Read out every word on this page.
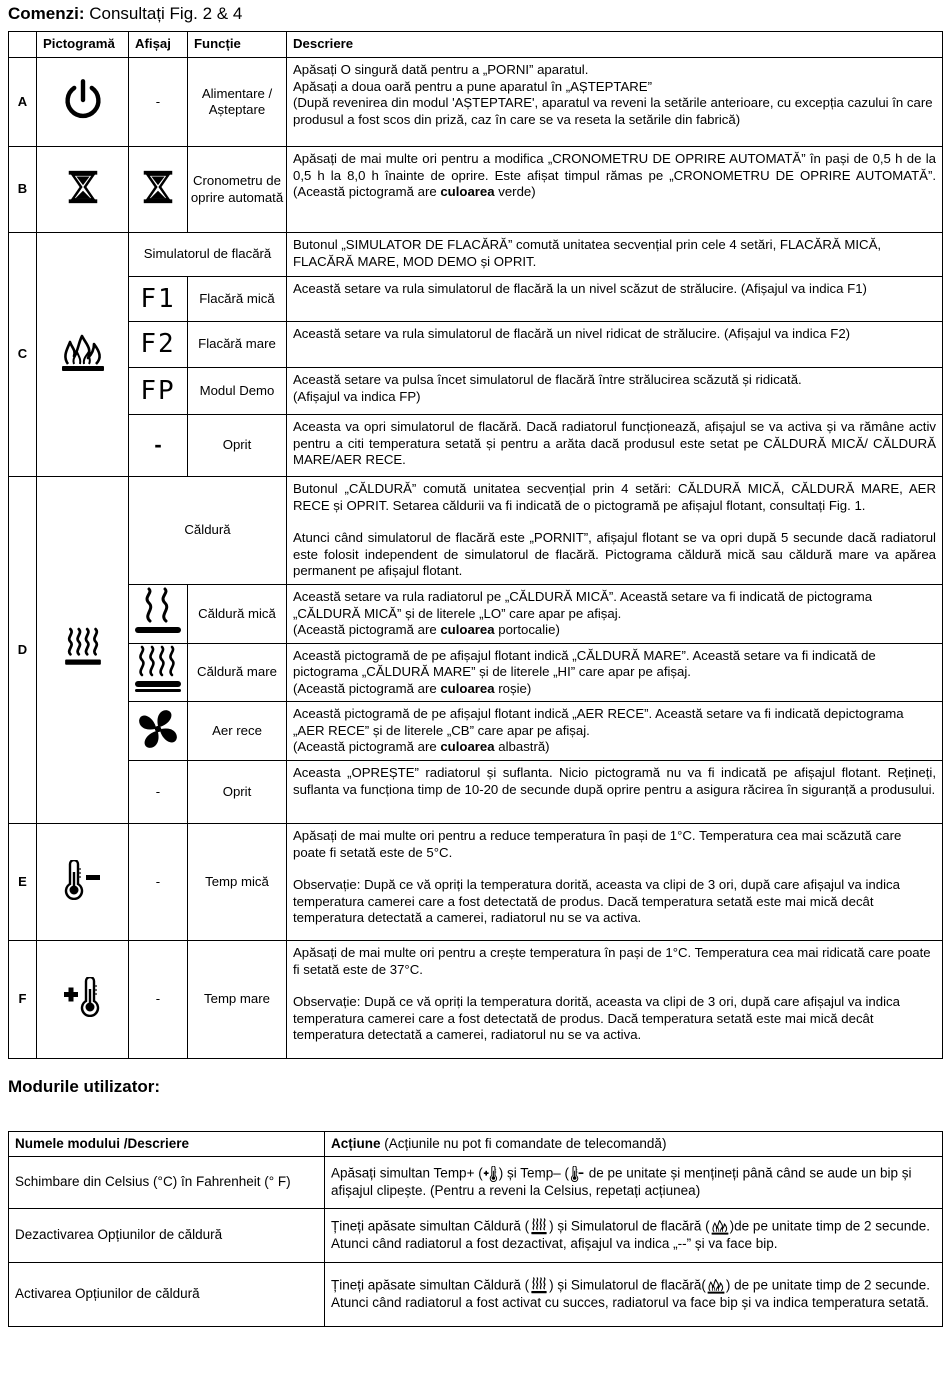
Comenzi: Consultați Fig. 2 & 4
	Pictogramă	Afișaj	Funcție	Descriere
A		-	Alimentare / Așteptare	Apăsați O singură dată pentru a „PORNI” aparatul.

Apăsați a doua oară pentru a pune aparatul în „AȘTEPTARE”

(După revenirea din modul 'AȘTEPTARE', aparatul va reveni la setările anterioare, cu excepția cazului în care produsul a fost scos din priză, caz în care se va reseta la setările din fabrică)

B			Cronometru de oprire automată	Apăsați de mai multe ori pentru a modifica „CRONOMETRU DE OPRIRE AUTOMATĂ” în pași de 0,5 h de la 0,5 h la 8,0 h înainte de oprire. Este afișat timpul rămas pe „CRONOMETRU DE OPRIRE AUTOMATĂ”. (Această pictogramă are culoarea verde)
C		Simulatorul de flacără		Butonul „SIMULATOR DE FLACĂRĂ” comută unitatea secvențial prin cele 4 setări, FLACĂRĂ MICĂ, FLACĂRĂ MARE, MOD DEMO și OPRIT.
		F1	Flacără mică	Această setare va rula simulatorul de flacără la un nivel scăzut de strălucire. (Afișajul va indica F1)
		F2	Flacără mare	Această setare va rula simulatorul de flacără un nivel ridicat de strălucire. (Afișajul va indica F2)
		FP	Modul Demo	Această setare va pulsa încet simulatorul de flacără între strălucirea scăzută și ridicată.

(Afișajul va indica FP)

		-	Oprit	Aceasta va opri simulatorul de flacără. Dacă radiatorul funcționează, afișajul se va activa și va rămâne activ pentru a citi temperatura setată și pentru a arăta dacă produsul este setat pe CĂLDURĂ MICĂ/ CĂLDURĂ MARE/AER RECE.
D		Căldură		Butonul „CĂLDURĂ” comută unitatea secvențial prin 4 setări: CĂLDURĂ MICĂ, CĂLDURĂ MARE, AER RECE și OPRIT. Setarea căldurii va fi indicată de o pictogramă pe afișajul flotant, consultați Fig. 1.

Atunci când simulatorul de flacără este „PORNIT”, afișajul flotant se va opri după 5 secunde dacă radiatorul este folosit independent de simulatorul de flacără. Pictograma căldură mică sau căldură mare va apărea permanent pe afișajul flotant.

	Căldură mică	Această setare va rula radiatorul pe „CĂLDURĂ MICĂ”. Această setare va fi indicată de pictograma „CĂLDURĂ MICĂ” și de literele „LO” care apar pe afișaj.

(Această pictogramă are culoarea portocalie)

	Căldură mare	Această pictogramă de pe afișajul flotant indică „CĂLDURĂ MARE”. Această setare va fi indicată de pictograma „CĂLDURĂ MARE” și de literele „HI” care apar pe afișaj.

(Această pictogramă are culoarea roșie)

	Aer rece	Această pictogramă de pe afișajul flotant indică „AER RECE”. Această setare va fi indicată depictograma „AER RECE” și de literele „CB” care apar pe afișaj.

(Această pictogramă are culoarea albastră)

		-	Oprit	Aceasta „OPREȘTE” radiatorul și suflanta. Nicio pictogramă nu va fi indicată pe afișajul flotant. Rețineți, suflanta va funcționa timp de 10-20 de secunde după oprire pentru a asigura răcirea în siguranță a produsului.
E		-	Temp mică	Apăsați de mai multe ori pentru a reduce temperatura în pași de 1°C. Temperatura cea mai scăzută care poate fi setată este de 5°C.

Observație: După ce vă opriți la temperatura dorită, aceasta va clipi de 3 ori, după care afișajul va indica temperatura camerei care a fost detectată de produs. Dacă temperatura setată este mai mică decât temperatura detectată a camerei, radiatorul nu se va activa.

F		-	Temp mare	Apăsați de mai multe ori pentru a crește temperatura în pași de 1°C. Temperatura cea mai ridicată care poate fi setată este de 37°C.

Observație: După ce vă opriți la temperatura dorită, aceasta va clipi de 3 ori, după care afișajul va indica temperatura camerei care a fost detectată de produs. Dacă temperatura setată este mai mică decât temperatura detectată a camerei, radiatorul nu se va activa.

Modurile utilizator:
Numele modului /Descriere	Acțiune (Acțiunile nu pot fi comandate de telecomandă)
Schimbare din Celsius (°C) în Fahrenheit (° F)	Apăsați simultan Temp+ ( ) și Temp– ( de pe unitate și mențineți până când se aude un bip și afișajul clipește. (Pentru a reveni la Celsius, repetați acțiunea)
Dezactivarea Opțiunilor de căldură	Țineți apăsate simultan Căldură ( ) și Simulatorul de flacără ( )de pe unitate timp de 2 secunde. Atunci când radiatorul a fost dezactivat, afișajul va indica „--” și va face bip.
Activarea Opțiunilor de căldură	Țineți apăsate simultan Căldură ( ) și Simulatorul de flacără( ) de pe unitate timp de 2 secunde. Atunci când radiatorul a fost activat cu succes, radiatorul va face bip și va indica temperatura setată.
